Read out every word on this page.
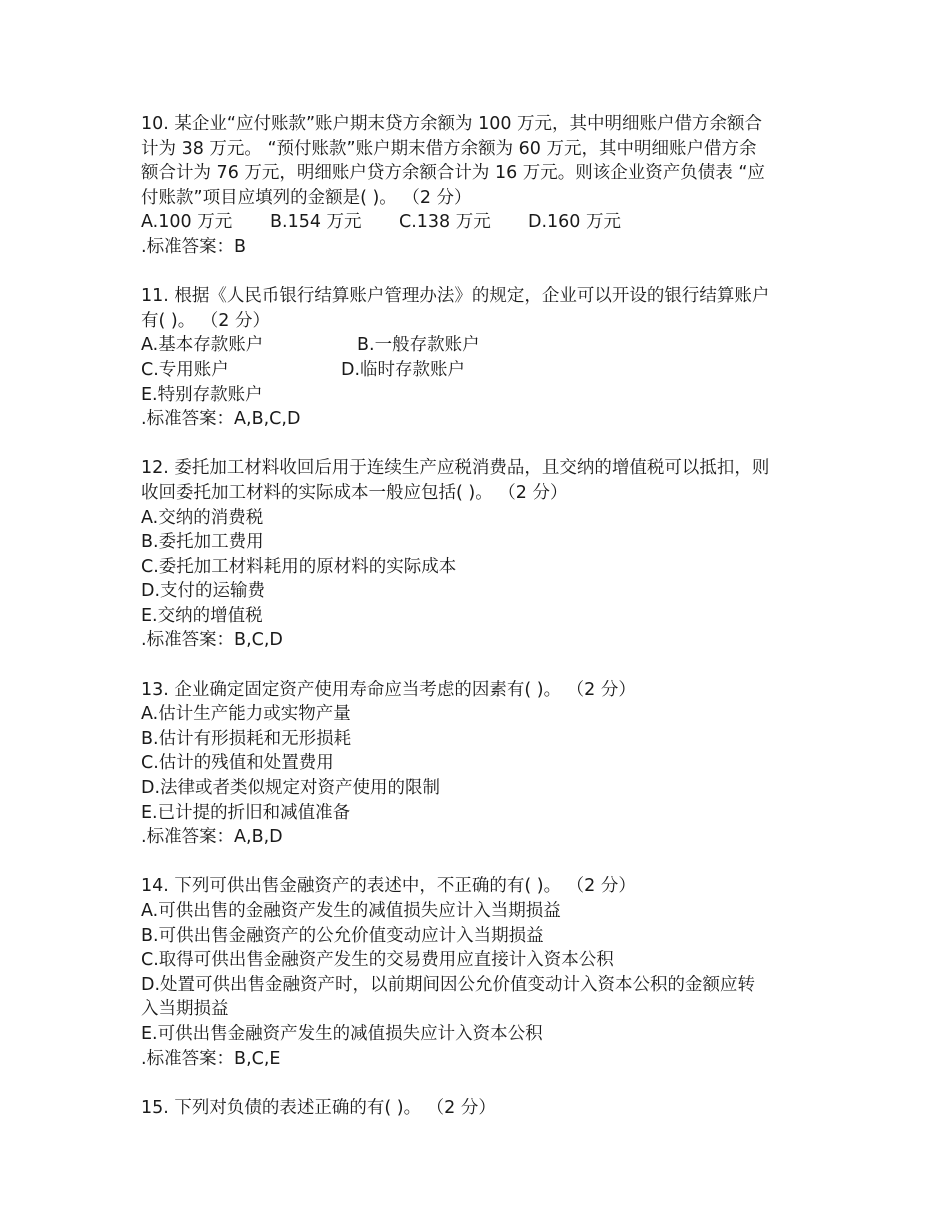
10. 某企业“应付账款”账户期末贷方余额为 100 万元，其中明细账户借方余额合
计为 38 万元。 “预付账款”账户期末借方余额为 60 万元，其中明细账户借方余
额合计为 76 万元，明细账户贷方余额合计为 16 万元。则该企业资产负债表 “应
付账款”项目应填列的金额是( )。 （2 分）
A.100 万元	B.154 万元	C.138 万元	D.160 万元
.标准答案：B
11. 根据《人民币银行结算账户管理办法》的规定，企业可以开设的银行结算账户
有( )。 （2 分）
A.基本存款账户	B.一般存款账户
C.专用账户	D.临时存款账户
E.特别存款账户
.标准答案：A,B,C,D
12. 委托加工材料收回后用于连续生产应税消费品，且交纳的增值税可以抵扣，则
收回委托加工材料的实际成本一般应包括( )。 （2 分）
A.交纳的消费税
B.委托加工费用
C.委托加工材料耗用的原材料的实际成本
D.支付的运输费
E.交纳的增值税
.标准答案：B,C,D
13. 企业确定固定资产使用寿命应当考虑的因素有( )。 （2 分）
A.估计生产能力或实物产量
B.估计有形损耗和无形损耗
C.估计的残值和处置费用
D.法律或者类似规定对资产使用的限制
E.已计提的折旧和减值准备
.标准答案：A,B,D
14. 下列可供出售金融资产的表述中，不正确的有( )。 （2 分）
A.可供出售的金融资产发生的减值损失应计入当期损益
B.可供出售金融资产的公允价值变动应计入当期损益
C.取得可供出售金融资产发生的交易费用应直接计入资本公积
D.处置可供出售金融资产时，以前期间因公允价值变动计入资本公积的金额应转
入当期损益
E.可供出售金融资产发生的减值损失应计入资本公积
.标准答案：B,C,E
15. 下列对负债的表述正确的有( )。 （2 分）
